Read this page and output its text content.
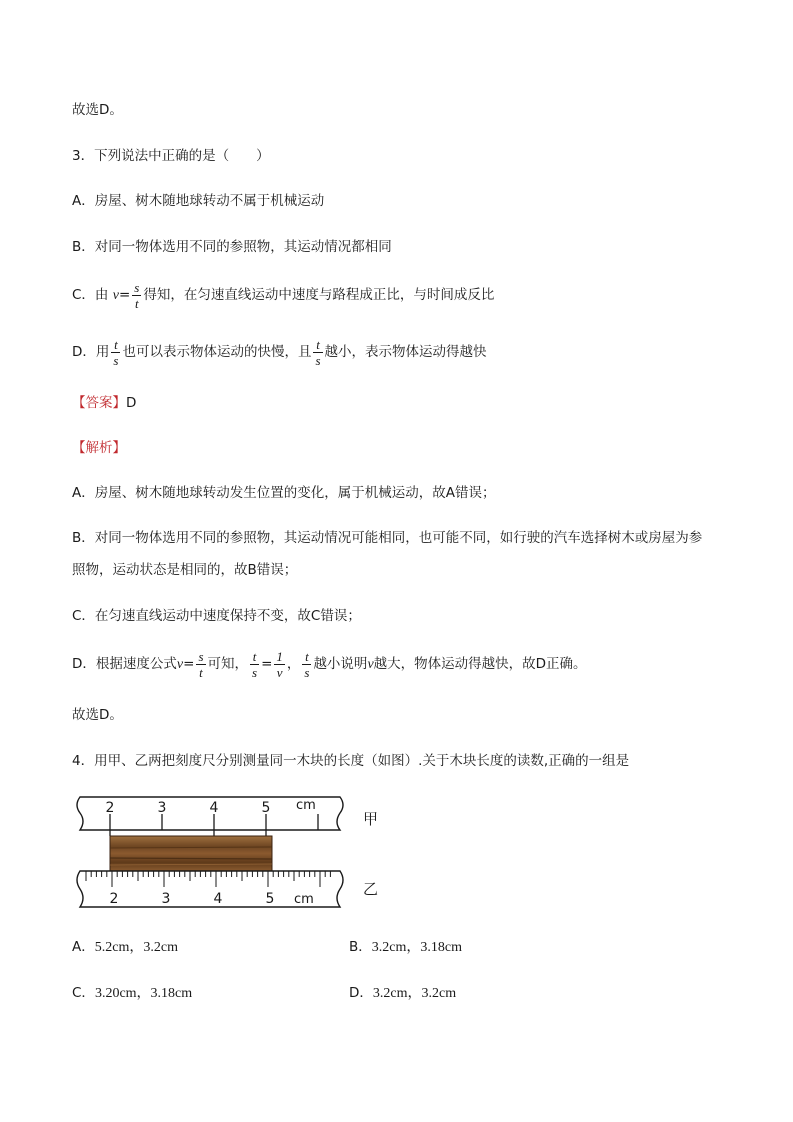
故选D。
3．下列说法中正确的是（　　）
A．房屋、树木随地球转动不属于机械运动
B．对同一物体选用不同的参照物，其运动情况都相同
C．由 $v= \frac{s}{t}$ 得知，在匀速直线运动中速度与路程成正比，与时间成反比
D．用 $\frac{t}{s}$ 也可以表示物体运动的快慢，且 $\frac{t}{s}$ 越小，表示物体运动得越快
【答案】D
【解析】
A．房屋、树木随地球转动发生位置的变化，属于机械运动，故A错误；
B．对同一物体选用不同的参照物，其运动情况可能相同，也可能不同，如行驶的汽车选择树木或房屋为参
照物，运动状态是相同的，故B错误；
C．在匀速直线运动中速度保持不变，故C错误；
D．根据速度公式$v= \frac{s}{t}$ 可知， $\frac{t}{s} = \frac{1}{v}$ ， $\frac{t}{s}$ 越小说明v越大，物体运动得越快，故D正确。
故选D。
4．用甲、乙两把刻度尺分别测量同一木块的长度（如图）.关于木块长度的读数,正确的一组是
2	3	4	5 cm
2	3	4	5 cm
甲
乙
A．5.2cm，3.2cm	B．3.2cm，3.18cm
C．3.20cm，3.18cm	D．3.2cm，3.2cm
